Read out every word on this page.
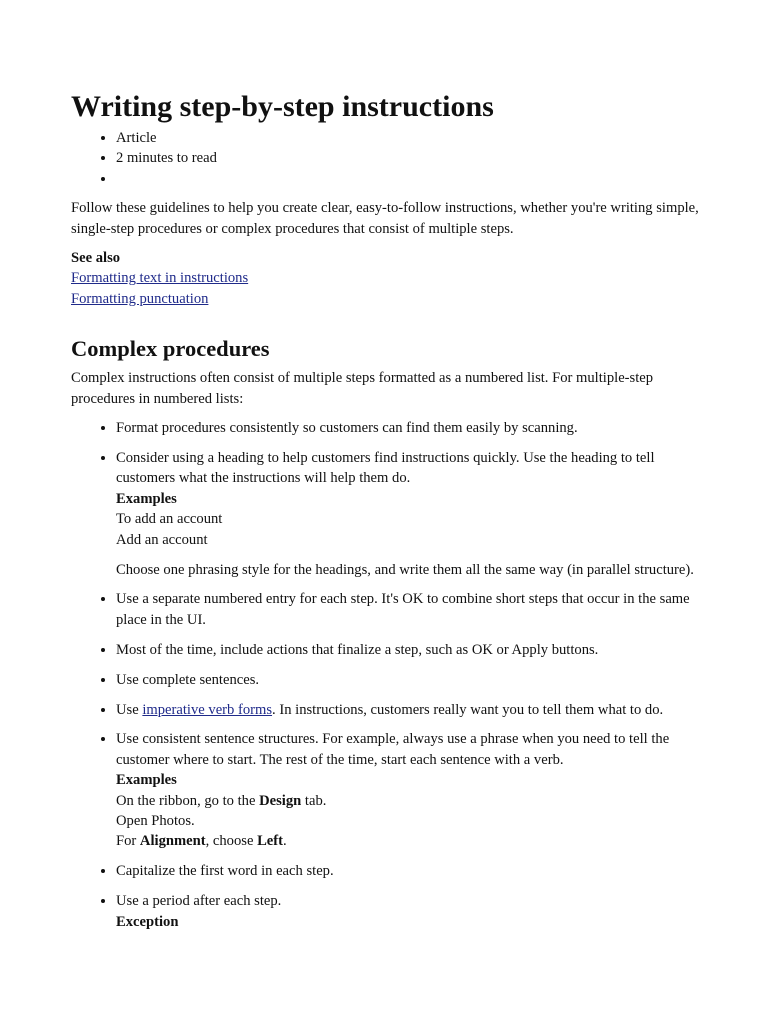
Writing step-by-step instructions
• Article
• 2 minutes to read
•

Follow these guidelines to help you create clear, easy-to-follow instructions, whether you're writing simple, single-step procedures or complex procedures that consist of multiple steps.

See also
Formatting text in instructions
Formatting punctuation
Complex procedures

Complex instructions often consist of multiple steps formatted as a numbered list. For multiple-step procedures in numbered lists:

• Format procedures consistently so customers can find them easily by scanning.
• Consider using a heading to help customers find instructions quickly. Use the heading to tell customers what the instructions will help them do.
Examples
To add an account
Add an account
Choose one phrasing style for the headings, and write them all the same way (in parallel structure).
• Use a separate numbered entry for each step. It's OK to combine short steps that occur in the same place in the UI.
• Most of the time, include actions that finalize a step, such as OK or Apply buttons.
• Use complete sentences.
• Use imperative verb forms. In instructions, customers really want you to tell them what to do.
• Use consistent sentence structures. For example, always use a phrase when you need to tell the customer where to start. The rest of the time, start each sentence with a verb.
Examples
On the ribbon, go to the Design tab.
Open Photos.
For Alignment, choose Left.
• Capitalize the first word in each step.
• Use a period after each step.
Exception
